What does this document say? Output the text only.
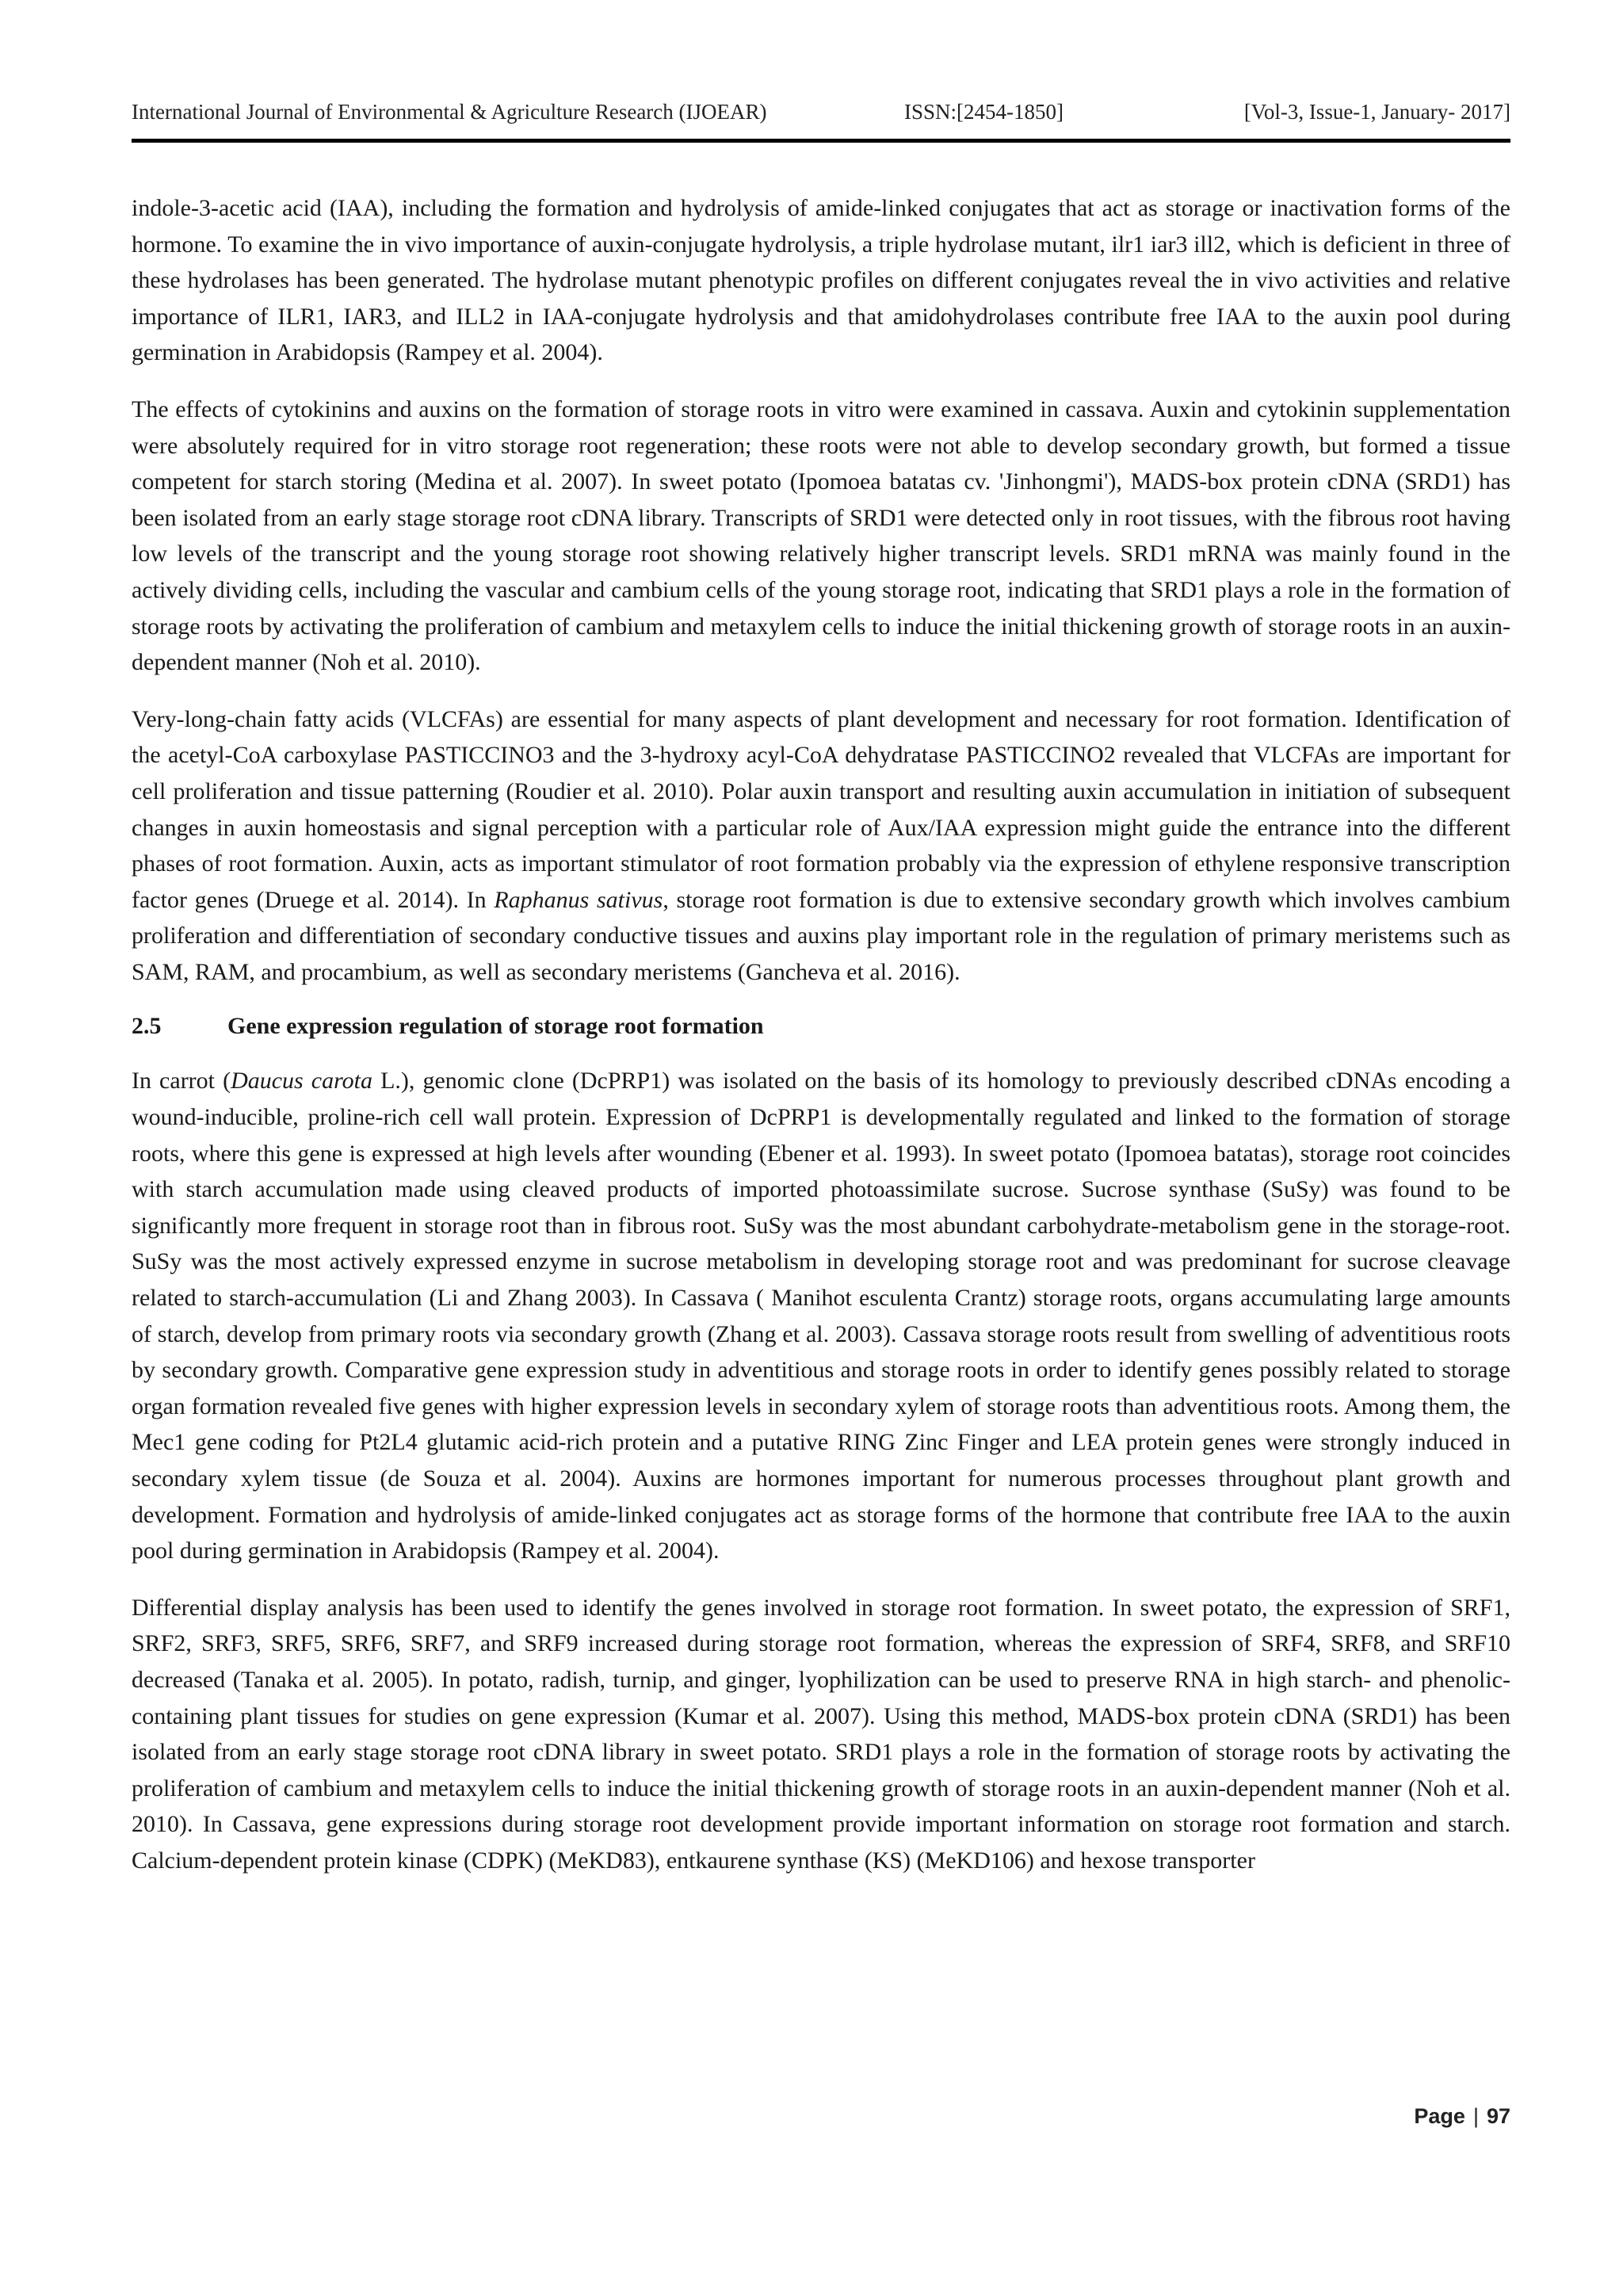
International Journal of Environmental & Agriculture Research (IJOEAR)	ISSN:[2454-1850]	[Vol-3, Issue-1, January- 2017]

indole-3-acetic acid (IAA), including the formation and hydrolysis of amide-linked conjugates that act as storage or inactivation forms of the hormone. To examine the in vivo importance of auxin-conjugate hydrolysis, a triple hydrolase mutant, ilr1 iar3 ill2, which is deficient in three of these hydrolases has been generated. The hydrolase mutant phenotypic profiles on different conjugates reveal the in vivo activities and relative importance of ILR1, IAR3, and ILL2 in IAA-conjugate hydrolysis and that amidohydrolases contribute free IAA to the auxin pool during germination in Arabidopsis (Rampey et al. 2004).

The effects of cytokinins and auxins on the formation of storage roots in vitro were examined in cassava. Auxin and cytokinin supplementation were absolutely required for in vitro storage root regeneration; these roots were not able to develop secondary growth, but formed a tissue competent for starch storing (Medina et al. 2007). In sweet potato (Ipomoea batatas cv. 'Jinhongmi'), MADS-box protein cDNA (SRD1) has been isolated from an early stage storage root cDNA library. Transcripts of SRD1 were detected only in root tissues, with the fibrous root having low levels of the transcript and the young storage root showing relatively higher transcript levels. SRD1 mRNA was mainly found in the actively dividing cells, including the vascular and cambium cells of the young storage root, indicating that SRD1 plays a role in the formation of storage roots by activating the proliferation of cambium and metaxylem cells to induce the initial thickening growth of storage roots in an auxin-dependent manner (Noh et al. 2010).

Very-long-chain fatty acids (VLCFAs) are essential for many aspects of plant development and necessary for root formation. Identification of the acetyl-CoA carboxylase PASTICCINO3 and the 3-hydroxy acyl-CoA dehydratase PASTICCINO2 revealed that VLCFAs are important for cell proliferation and tissue patterning (Roudier et al. 2010). Polar auxin transport and resulting auxin accumulation in initiation of subsequent changes in auxin homeostasis and signal perception with a particular role of Aux/IAA expression might guide the entrance into the different phases of root formation. Auxin, acts as important stimulator of root formation probably via the expression of ethylene responsive transcription factor genes (Druege et al. 2014). In Raphanus sativus, storage root formation is due to extensive secondary growth which involves cambium proliferation and differentiation of secondary conductive tissues and auxins play important role in the regulation of primary meristems such as SAM, RAM, and procambium, as well as secondary meristems (Gancheva et al. 2016).

2.5	Gene expression regulation of storage root formation

In carrot (Daucus carota L.), genomic clone (DcPRP1) was isolated on the basis of its homology to previously described cDNAs encoding a wound-inducible, proline-rich cell wall protein. Expression of DcPRP1 is developmentally regulated and linked to the formation of storage roots, where this gene is expressed at high levels after wounding (Ebener et al. 1993). In sweet potato (Ipomoea batatas), storage root coincides with starch accumulation made using cleaved products of imported photoassimilate sucrose. Sucrose synthase (SuSy) was found to be significantly more frequent in storage root than in fibrous root. SuSy was the most abundant carbohydrate-metabolism gene in the storage-root. SuSy was the most actively expressed enzyme in sucrose metabolism in developing storage root and was predominant for sucrose cleavage related to starch-accumulation (Li and Zhang 2003). In Cassava ( Manihot esculenta Crantz) storage roots, organs accumulating large amounts of starch, develop from primary roots via secondary growth (Zhang et al. 2003). Cassava storage roots result from swelling of adventitious roots by secondary growth. Comparative gene expression study in adventitious and storage roots in order to identify genes possibly related to storage organ formation revealed five genes with higher expression levels in secondary xylem of storage roots than adventitious roots. Among them, the Mec1 gene coding for Pt2L4 glutamic acid-rich protein and a putative RING Zinc Finger and LEA protein genes were strongly induced in secondary xylem tissue (de Souza et al. 2004). Auxins are hormones important for numerous processes throughout plant growth and development. Formation and hydrolysis of amide-linked conjugates act as storage forms of the hormone that contribute free IAA to the auxin pool during germination in Arabidopsis (Rampey et al. 2004).

Differential display analysis has been used to identify the genes involved in storage root formation. In sweet potato, the expression of SRF1, SRF2, SRF3, SRF5, SRF6, SRF7, and SRF9 increased during storage root formation, whereas the expression of SRF4, SRF8, and SRF10 decreased (Tanaka et al. 2005). In potato, radish, turnip, and ginger, lyophilization can be used to preserve RNA in high starch- and phenolic-containing plant tissues for studies on gene expression (Kumar et al. 2007). Using this method, MADS-box protein cDNA (SRD1) has been isolated from an early stage storage root cDNA library in sweet potato. SRD1 plays a role in the formation of storage roots by activating the proliferation of cambium and metaxylem cells to induce the initial thickening growth of storage roots in an auxin-dependent manner (Noh et al. 2010). In Cassava, gene expressions during storage root development provide important information on storage root formation and starch. Calcium-dependent protein kinase (CDPK) (MeKD83), entkaurene synthase (KS) (MeKD106) and hexose transporter

Page | 97
